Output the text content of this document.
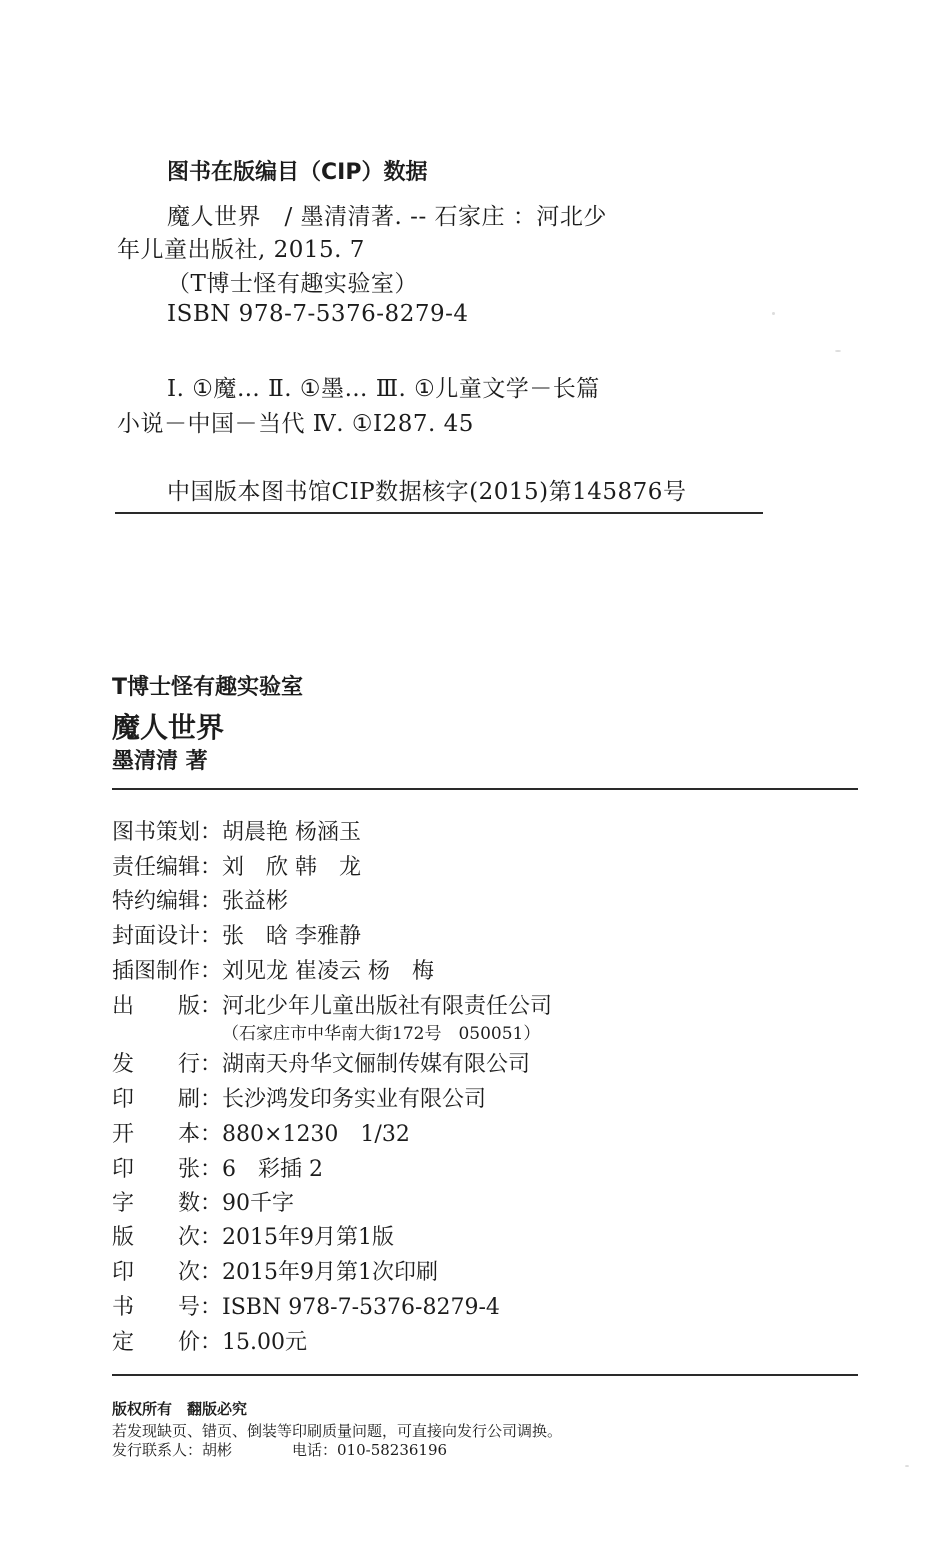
图书在版编目（CIP）数据
魔人世界　/ 墨清清著. -- 石家庄 ：河北少
年儿童出版社, 2015. 7
（T博士怪有趣实验室）
ISBN 978-7-5376-8279-4
Ⅰ. ①魔… Ⅱ. ①墨… Ⅲ. ①儿童文学－长篇
小说－中国－当代 Ⅳ. ①I287. 45
中国版本图书馆CIP数据核字(2015)第145876号
T博士怪有趣实验室
魔人世界
墨清清 著
图书策划：胡晨艳 杨涵玉
责任编辑：刘　欣 韩　龙
特约编辑：张益彬
封面设计：张　晗 李雅静
插图制作：刘见龙 崔凌云 杨　梅
出　　版：河北少年儿童出版社有限责任公司
（石家庄市中华南大街172号　050051）
发　　行：湖南天舟华文俪制传媒有限公司
印　　刷：长沙鸿发印务实业有限公司
开　　本：880×1230　1/32
印　　张：6　彩插 2
字　　数：90千字
版　　次：2015年9月第1版
印　　次：2015年9月第1次印刷
书　　号：ISBN 978-7-5376-8279-4
定　　价：15.00元
版权所有　翻版必究
若发现缺页、错页、倒装等印刷质量问题，可直接向发行公司调换。
发行联系人：胡彬　　　　电话：010-58236196
